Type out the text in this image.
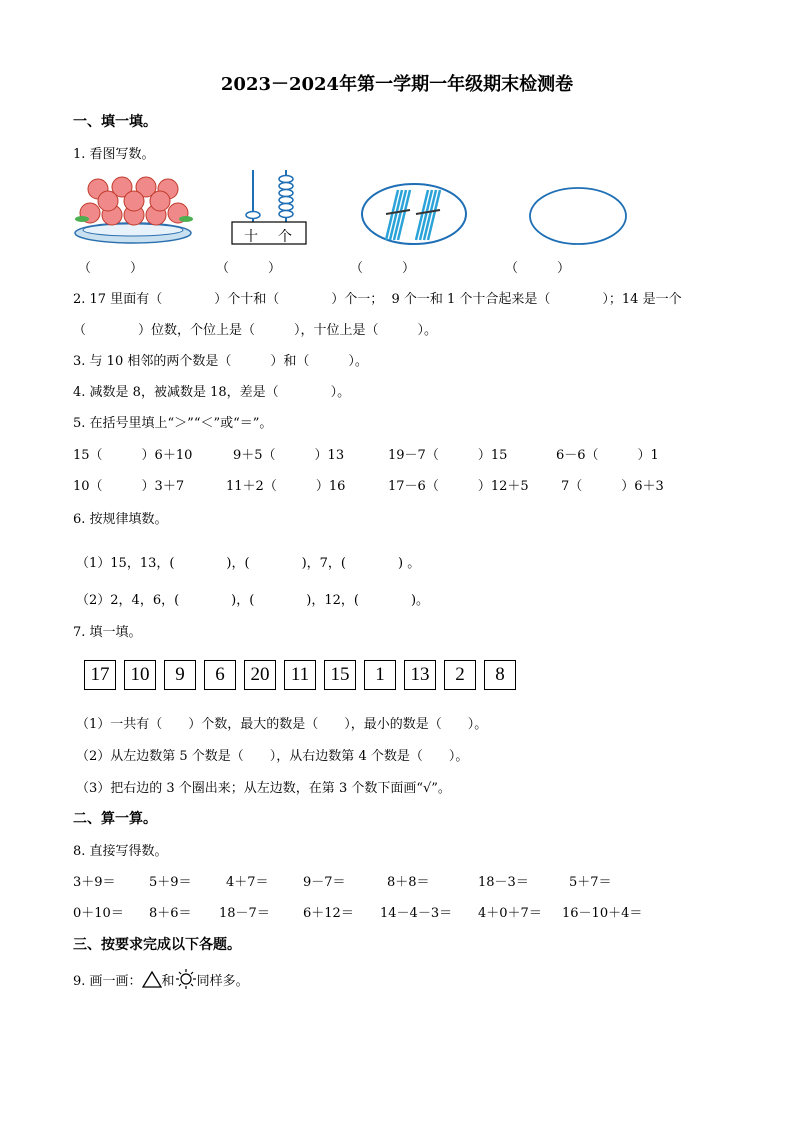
2023－2024年第一学期一年级期末检测卷
一、填一填。
1. 看图写数。
十 个
（　　　）	（　　　）	（　　　）	（　　　）
2. 17 里面有（　　　　）个十和（　　　　）个一；  9 个一和 1 个十合起来是（　　　　）；14 是一个
（　　　　）位数，个位上是（　　　），十位上是（　　　）。
3. 与 10 相邻的两个数是（　　　）和（　　　）。
4. 减数是 8，被减数是 18，差是（　　　　）。
5. 在括号里填上“＞”“＜”或“＝”。
15（　　　）6＋10	9＋5（　　　）13	19－7（　　　）15	6－6（　　　）1
10（　　　）3＋7	11＋2（　　　）16	17－6（　　　）12＋5 7（　　　）6＋3
6. 按规律填数。
（1）15，13，(　　　　)，(　　　　)，7，(　　　　) 。
（2）2，4，6，(　　　　)，(　　　　)，12，(　　　　)。
7. 填一填。
17	10	9	6	20	11	15	1	13	2	8
（1）一共有（　　）个数，最大的数是（　　），最小的数是（　　）。
（2）从左边数第 5 个数是（　　），从右边数第 4 个数是（　　）。
（3）把右边的 3 个圈出来；从左边数，在第 3 个数下面画“√”。
二、算一算。
8. 直接写得数。
3＋9＝	5＋9＝	4＋7＝	9－7＝	8＋8＝	18－3＝	5＋7＝
0＋10＝ 8＋6＝ 18－7＝	6＋12＝ 14－4－3＝ 4＋0＋7＝ 16－10＋4＝
三、按要求完成以下各题。
9. 画一画： 和 同样多。
